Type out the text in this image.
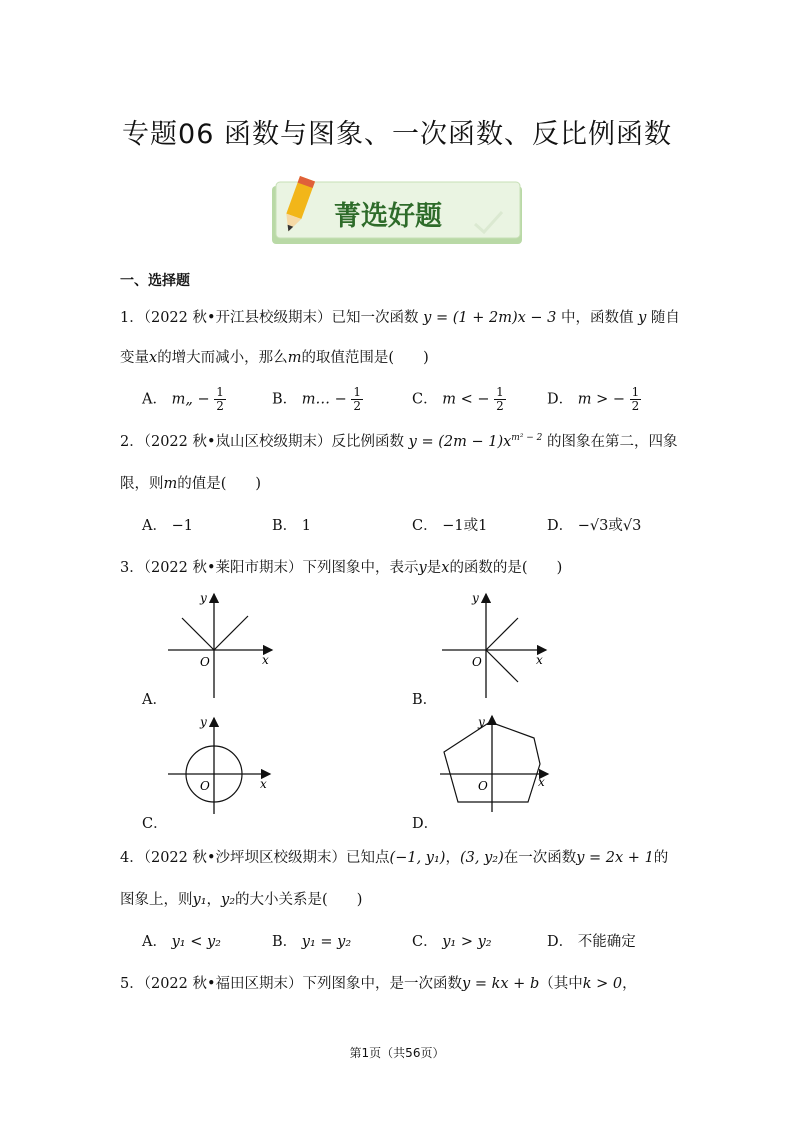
专题06 函数与图象、一次函数、反比例函数
菁选好题
一、选择题
1．（2022 秋•开江县校级期末）已知一次函数 y = (1 + 2m)x − 3 中，函数值 y 随自
变量x的增大而减小，那么m的取值范围是(　　)
A． m„ − $\frac{1}{2}$	B． m… − $\frac{1}{2}$	C． m < − $\frac{1}{2}$	D． m > − $\frac{1}{2}$
2．（2022 秋•岚山区校级期末）反比例函数 $y = (2m - 1)x^{m^2 - 2}$ 的图象在第二，四象
限，则m的值是(　　)
A． −1	B． 1	C． −1或1	D． −√3或√3
3．（2022 秋•莱阳市期末）下列图象中，表示y是x的函数的是(　　)
y
x
O
A．
y
x
O
B．
y
x
O
C．
y
x
O
D．
4．（2022 秋•沙坪坝区校级期末）已知点(−1, y₁)，(3, y₂)在一次函数y = 2x + 1的
图象上，则y₁，y₂的大小关系是(　　)
A． y₁ < y₂	B． y₁ = y₂	C． y₁ > y₂	D． 不能确定
5．（2022 秋•福田区期末）下列图象中，是一次函数y = kx + b（其中k > 0，
第1页（共56页）
